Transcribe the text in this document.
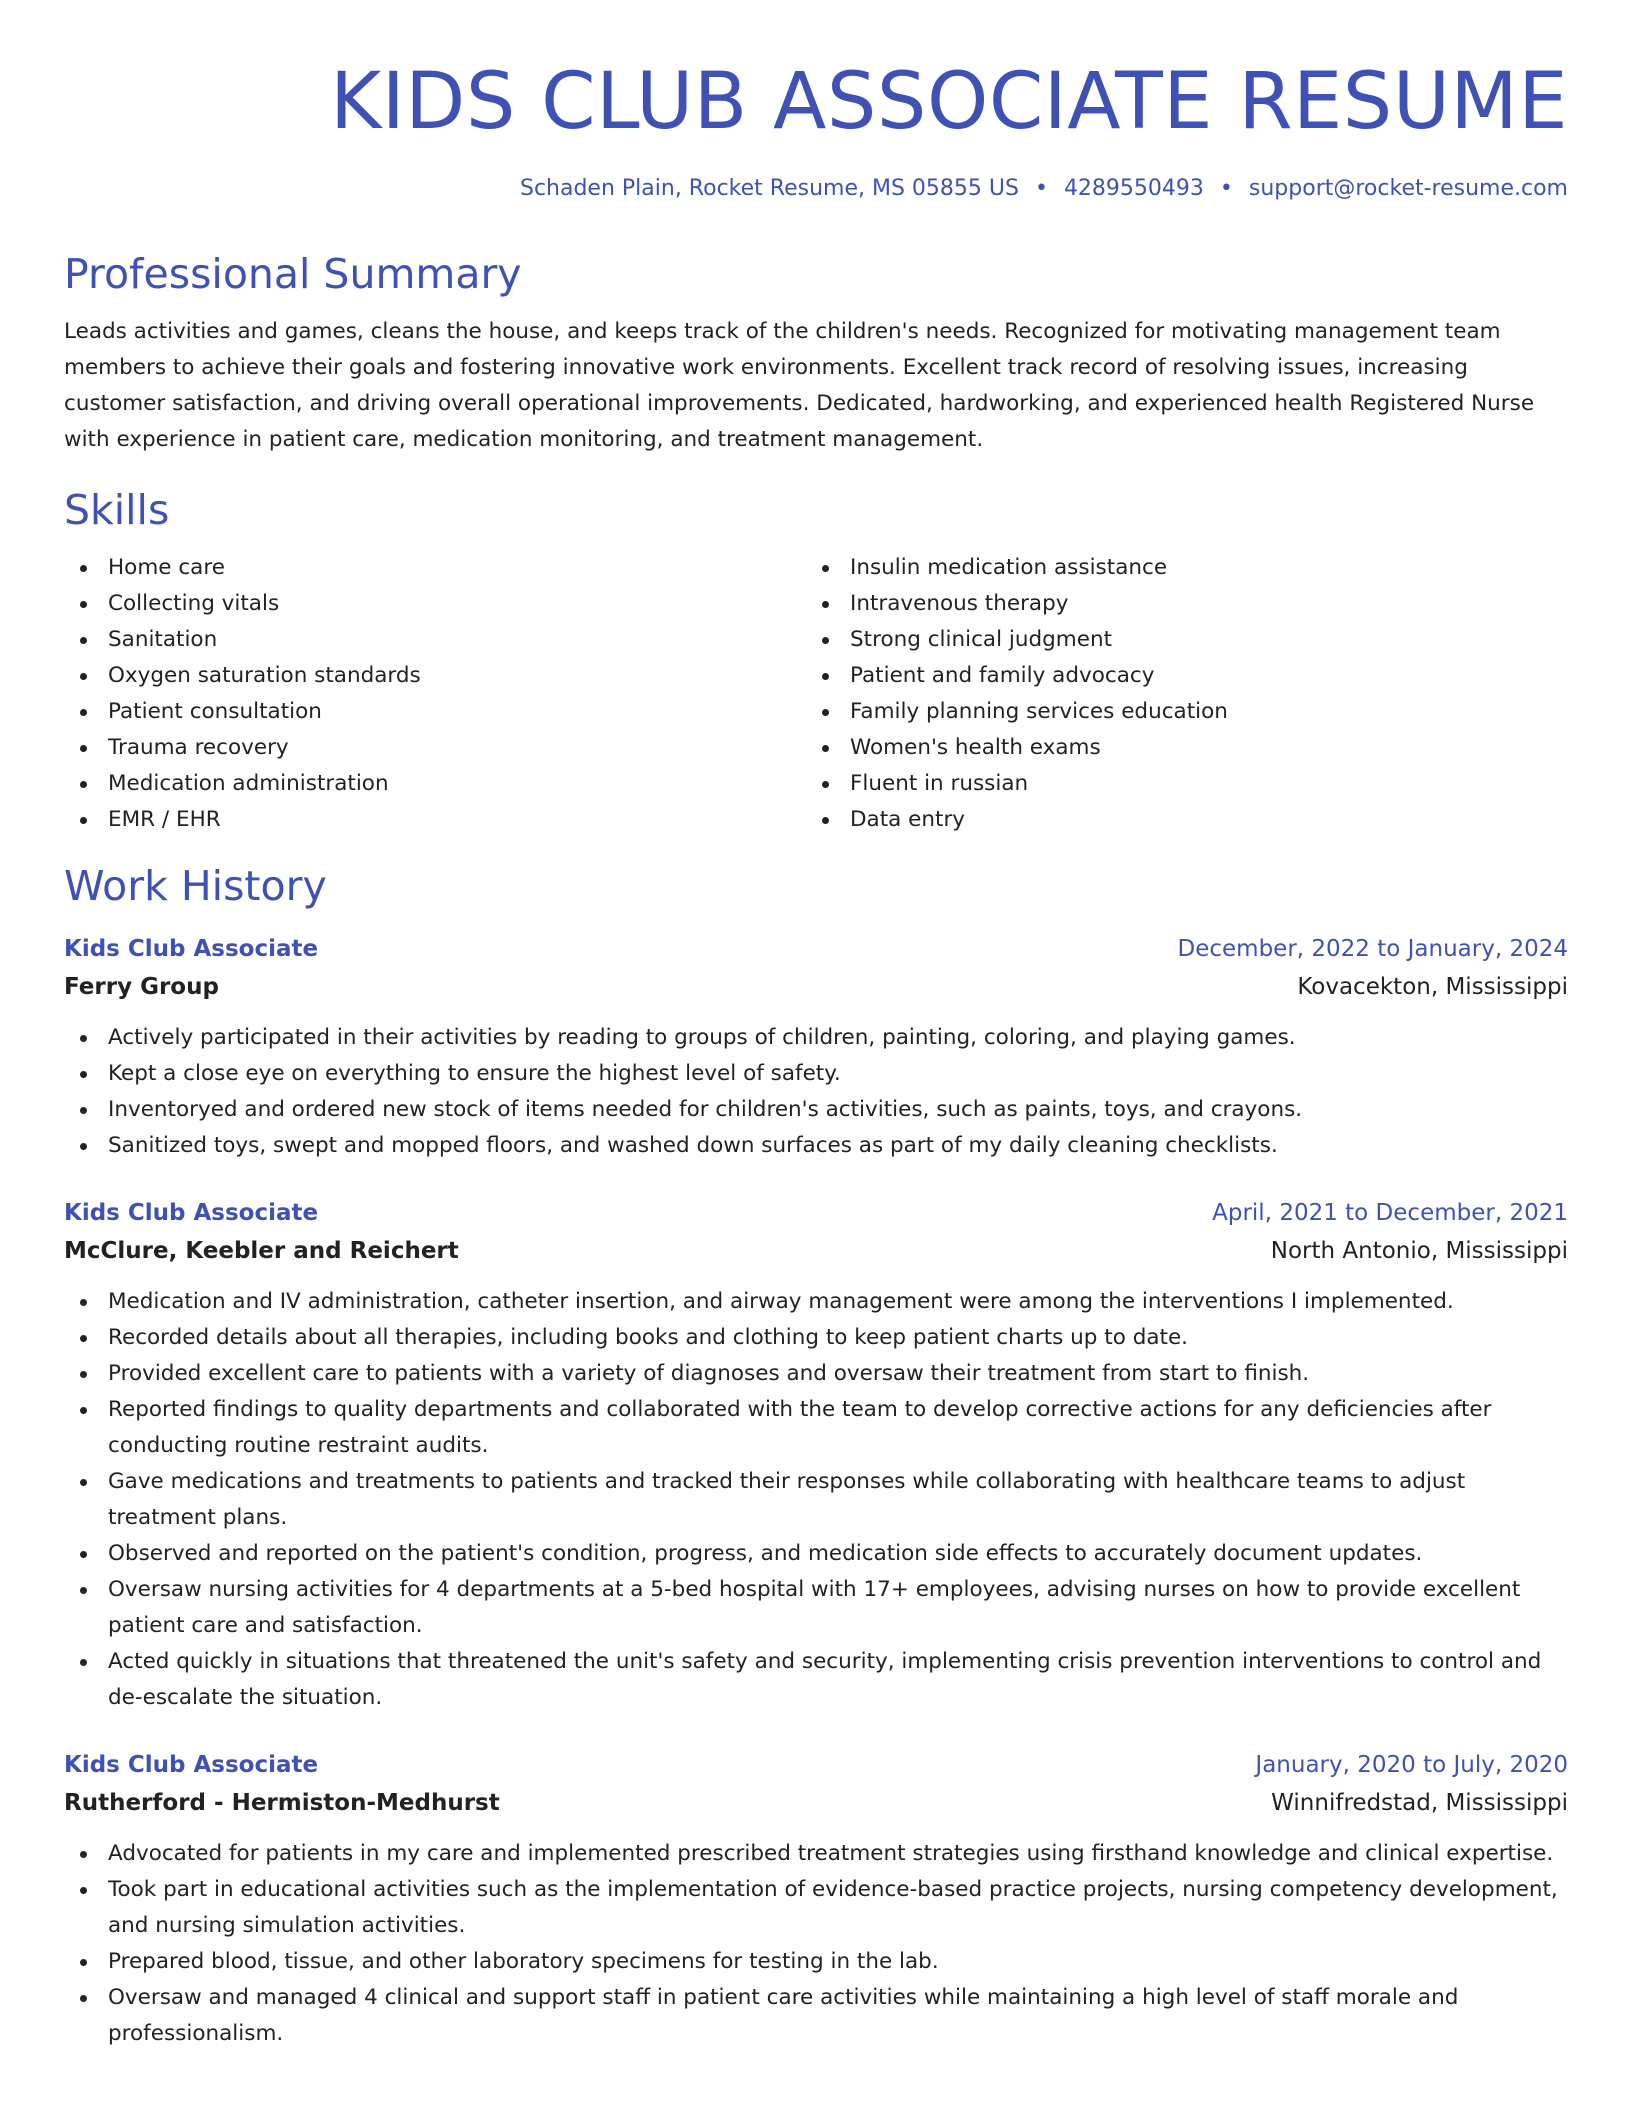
KIDS CLUB ASSOCIATE RESUME
Schaden Plain, Rocket Resume, MS 05855 US • 4289550493 • support@rocket-resume.com
Professional Summary

Leads activities and games, cleans the house, and keeps track of the children's needs. Recognized for motivating management team members to achieve their goals and fostering innovative work environments. Excellent track record of resolving issues, increasing customer satisfaction, and driving overall operational improvements. Dedicated, hardworking, and experienced health Registered Nurse with experience in patient care, medication monitoring, and treatment management.

Skills
Home care
Collecting vitals
Sanitation
Oxygen saturation standards
Patient consultation
Trauma recovery
Medication administration
EMR / EHR
Insulin medication assistance
Intravenous therapy
Strong clinical judgment
Patient and family advocacy
Family planning services education
Women's health exams
Fluent in russian
Data entry
Work History
Kids Club Associate	December, 2022 to January, 2024
Ferry Group	Kovacekton, Mississippi
Actively participated in their activities by reading to groups of children, painting, coloring, and playing games.
Kept a close eye on everything to ensure the highest level of safety.
Inventoryed and ordered new stock of items needed for children's activities, such as paints, toys, and crayons.
Sanitized toys, swept and mopped floors, and washed down surfaces as part of my daily cleaning checklists.
Kids Club Associate	April, 2021 to December, 2021
McClure, Keebler and Reichert	North Antonio, Mississippi
Medication and IV administration, catheter insertion, and airway management were among the interventions I implemented.
Recorded details about all therapies, including books and clothing to keep patient charts up to date.
Provided excellent care to patients with a variety of diagnoses and oversaw their treatment from start to finish.
Reported findings to quality departments and collaborated with the team to develop corrective actions for any deficiencies after conducting routine restraint audits.
Gave medications and treatments to patients and tracked their responses while collaborating with healthcare teams to adjust treatment plans.
Observed and reported on the patient's condition, progress, and medication side effects to accurately document updates.
Oversaw nursing activities for 4 departments at a 5-bed hospital with 17+ employees, advising nurses on how to provide excellent patient care and satisfaction.
Acted quickly in situations that threatened the unit's safety and security, implementing crisis prevention interventions to control and de-escalate the situation.
Kids Club Associate	January, 2020 to July, 2020
Rutherford - Hermiston-Medhurst	Winnifredstad, Mississippi
Advocated for patients in my care and implemented prescribed treatment strategies using firsthand knowledge and clinical expertise.
Took part in educational activities such as the implementation of evidence-based practice projects, nursing competency development, and nursing simulation activities.
Prepared blood, tissue, and other laboratory specimens for testing in the lab.
Oversaw and managed 4 clinical and support staff in patient care activities while maintaining a high level of staff morale and professionalism.
